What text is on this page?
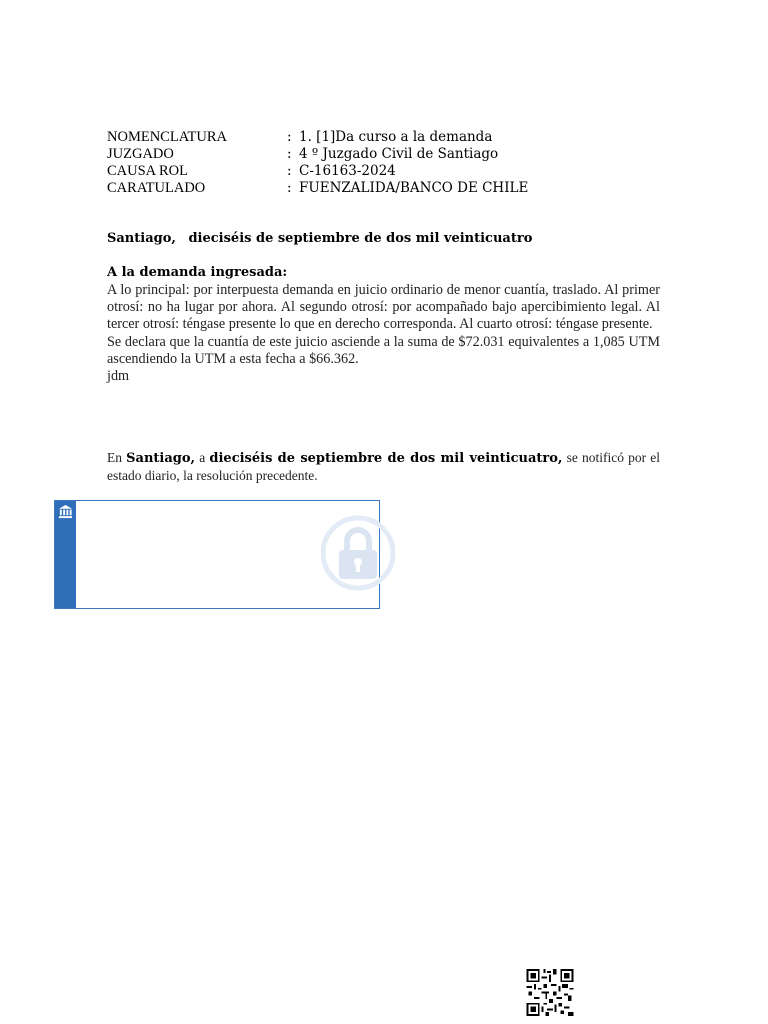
NOMENCLATURA	: 1. [1]Da curso a la demanda
JUZGADO	: 4 º Juzgado Civil de Santiago
CAUSA ROL	: C-16163-2024
CARATULADO	: FUENZALIDA/BANCO DE CHILE
Santiago, dieciséis de septiembre de dos mil veinticuatro
A la demanda ingresada:

A lo principal: por interpuesta demanda en juicio ordinario de menor cuantía, traslado. Al primer otrosí: no ha lugar por ahora. Al segundo otrosí: por acompañado bajo apercibimiento legal. Al tercer otrosí: téngase presente lo que en derecho corresponda. Al cuarto otrosí: téngase presente.

Se declara que la cuantía de este juicio asciende a la suma de $72.031 equivalentes a 1,085 UTM ascendiendo la UTM a esta fecha a $66.362.

jdm

En Santiago, a dieciséis de septiembre de dos mil veinticuatro, se notificó por el estado diario, la resolución precedente.
